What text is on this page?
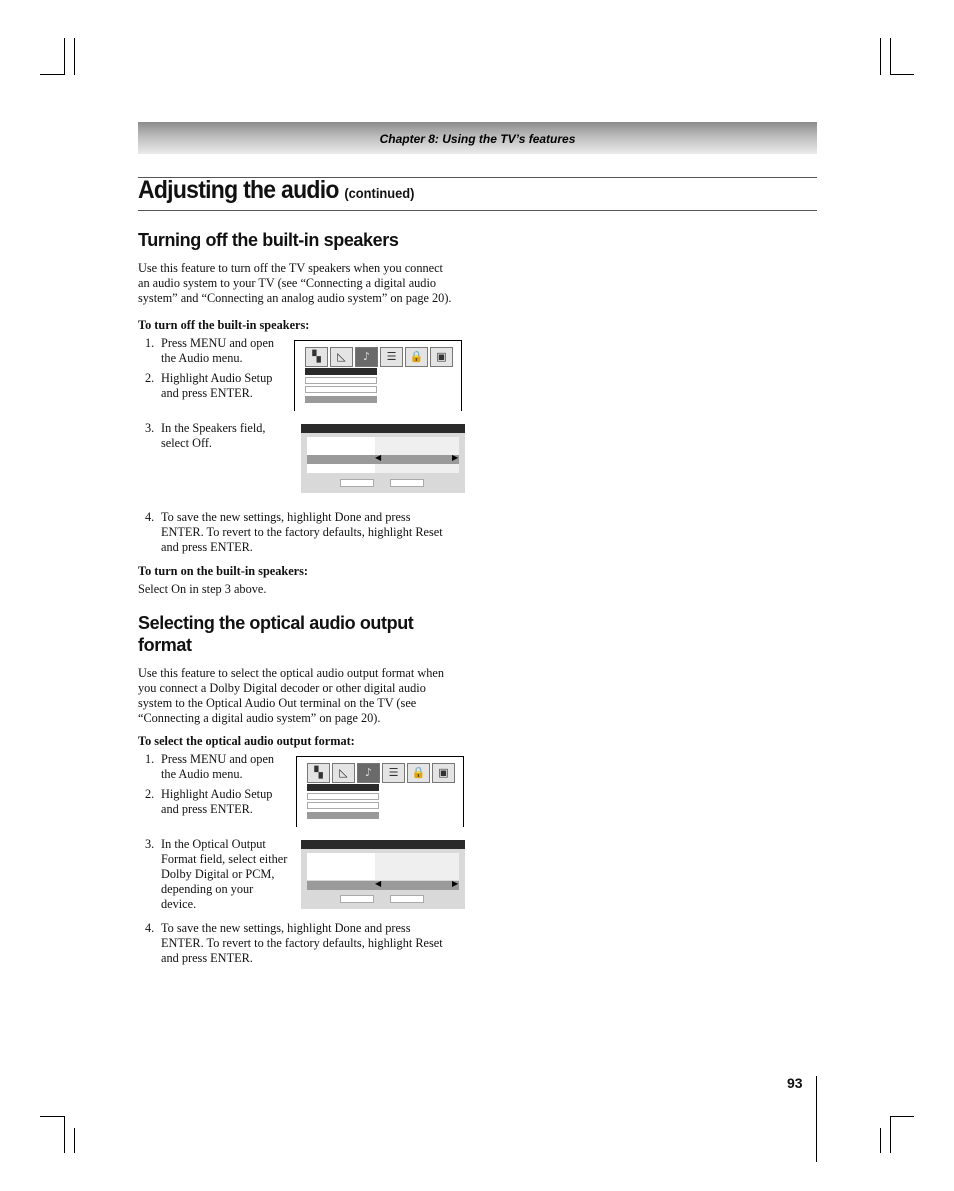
Chapter 8: Using the TV’s features
Adjusting the audio (continued)
Turning off the built-in speakers
Use this feature to turn off the TV speakers when you connect
an audio system to your TV (see “Connecting a digital audio
system” and “Connecting an analog audio system” on page 20).
To turn off the built-in speakers:
1. Press MENU and open
the Audio menu.
2. Highlight Audio Setup
and press ENTER.
▚	◺	♪	☰	🔒	▣
3. In the Speakers field,
select Off.
◀	▶
4. To save the new settings, highlight Done and press
ENTER. To revert to the factory defaults, highlight Reset
and press ENTER.
To turn on the built-in speakers:
Select On in step 3 above.
Selecting the optical audio output
format
Use this feature to select the optical audio output format when
you connect a Dolby Digital decoder or other digital audio
system to the Optical Audio Out terminal on the TV (see
“Connecting a digital audio system” on page 20).
To select the optical audio output format:
1. Press MENU and open
the Audio menu.
2. Highlight Audio Setup
and press ENTER.
▚	◺	♪	☰	🔒	▣
3. In the Optical Output
Format field, select either
Dolby Digital or PCM,
depending on your
device.
◀	▶
4. To save the new settings, highlight Done and press
ENTER. To revert to the factory defaults, highlight Reset
and press ENTER.
93
